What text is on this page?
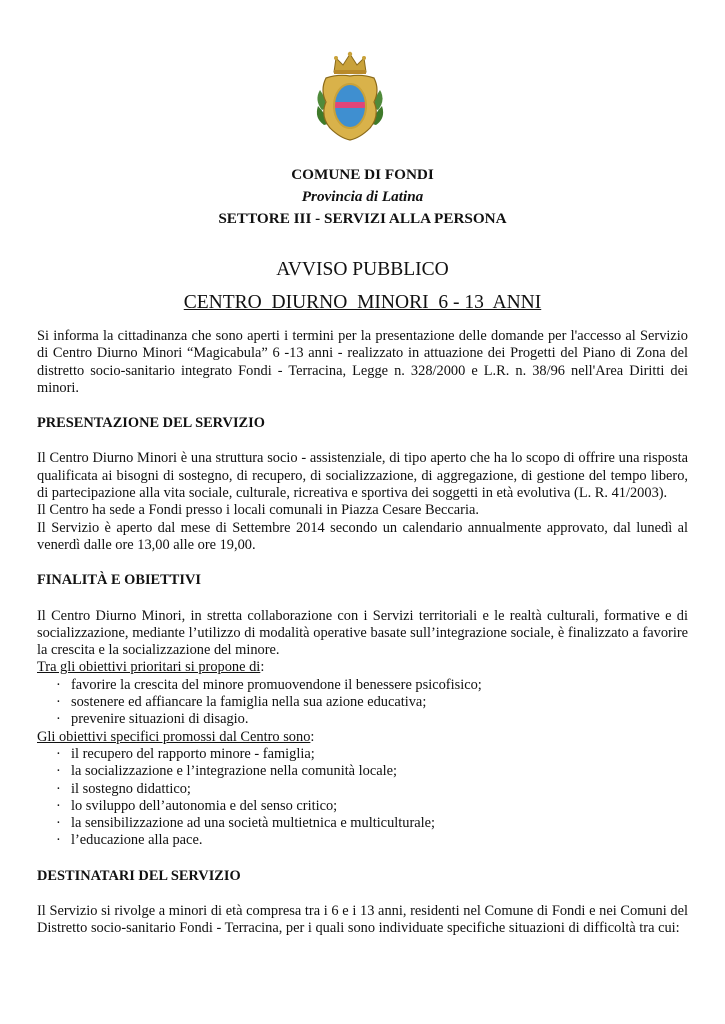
COMUNE DI FONDI
Provincia di Latina
SETTORE III - SERVIZI ALLA PERSONA
AVVISO PUBBLICO
CENTRO  DIURNO  MINORI  6 - 13  ANNI

Si informa la cittadinanza che sono aperti i termini per la presentazione delle domande per l'accesso al Servizio di Centro Diurno Minori “Magicabula” 6 -13 anni - realizzato in attuazione dei Progetti del Piano di Zona del distretto socio-sanitario integrato Fondi - Terracina, Legge n. 328/2000 e L.R. n. 38/96 nell'Area Diritti dei minori.

PRESENTAZIONE DEL SERVIZIO

Il Centro Diurno Minori è una struttura socio - assistenziale, di tipo aperto che ha lo scopo di offrire una risposta qualificata ai bisogni di sostegno, di recupero, di socializzazione, di aggregazione, di gestione del tempo libero, di partecipazione alla vita sociale, culturale, ricreativa e sportiva dei soggetti in età evolutiva (L. R. 41/2003).

Il Centro ha sede a Fondi presso i locali comunali in Piazza Cesare Beccaria.

Il Servizio è aperto dal mese di Settembre 2014 secondo un calendario annualmente approvato, dal lunedì al venerdì dalle ore 13,00 alle ore 19,00.

FINALITÀ E OBIETTIVI

Il Centro Diurno Minori, in stretta collaborazione con i Servizi territoriali e le realtà culturali, formative e di socializzazione, mediante l’utilizzo di modalità operative basate sull’integrazione sociale, è finalizzato a favorire la crescita e la socializzazione del minore.

Tra gli obiettivi prioritari si propone di:
· favorire la crescita del minore promuovendone il benessere psicofisico;
· sostenere ed affiancare la famiglia nella sua azione educativa;
· prevenire situazioni di disagio.
Gli obiettivi specifici promossi dal Centro sono:
· il recupero del rapporto minore - famiglia;
· la socializzazione e l’integrazione nella comunità locale;
· il sostegno didattico;
· lo sviluppo dell’autonomia e del senso critico;
· la sensibilizzazione ad una società multietnica e multiculturale;
· l’educazione alla pace.
DESTINATARI DEL SERVIZIO

Il Servizio si rivolge a minori di età compresa tra i 6 e i 13 anni, residenti nel Comune di Fondi e nei Comuni del Distretto socio-sanitario Fondi - Terracina, per i quali sono individuate specifiche situazioni di difficoltà tra cui:
